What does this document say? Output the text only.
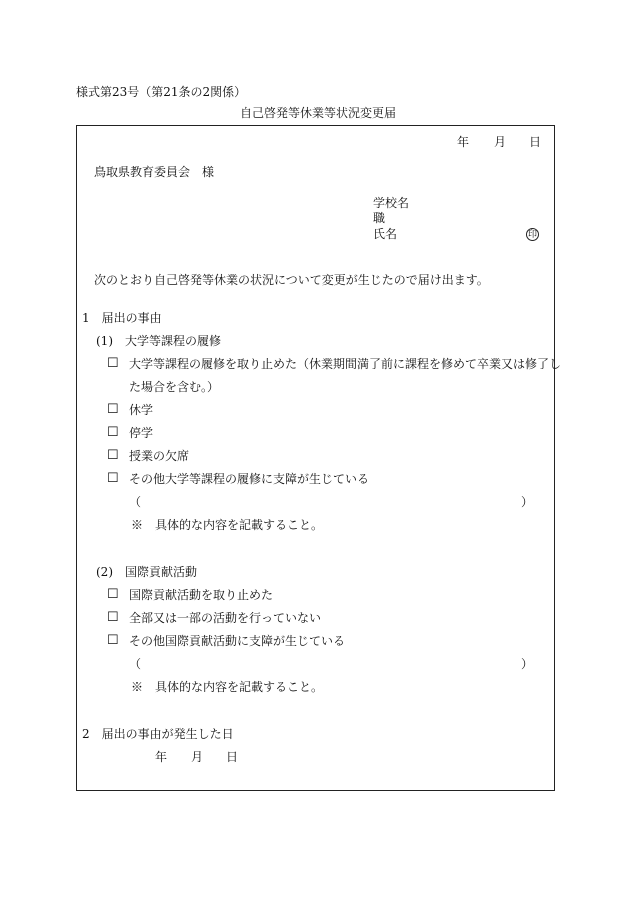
様式第23号（第21条の2関係）
自己啓発等休業等状況変更届
年 月 日
鳥取県教育委員会　様
学校名
職
氏名	印
次のとおり自己啓発等休業の状況について変更が生じたので届け出ます。
1　届出の事由
(1)　大学等課程の履修
☐ 大学等課程の履修を取り止めた（休業期間満了前に課程を修めて卒業又は修了し
た場合を含む。）
☐ 休学
☐ 停学
☐ 授業の欠席
☐ その他大学等課程の履修に支障が生じている
（	）
※　具体的な内容を記載すること。
(2)　国際貢献活動
☐ 国際貢献活動を取り止めた
☐ 全部又は一部の活動を行っていない
☐ その他国際貢献活動に支障が生じている
（	）
※　具体的な内容を記載すること。
2　届出の事由が発生した日
年 月 日
